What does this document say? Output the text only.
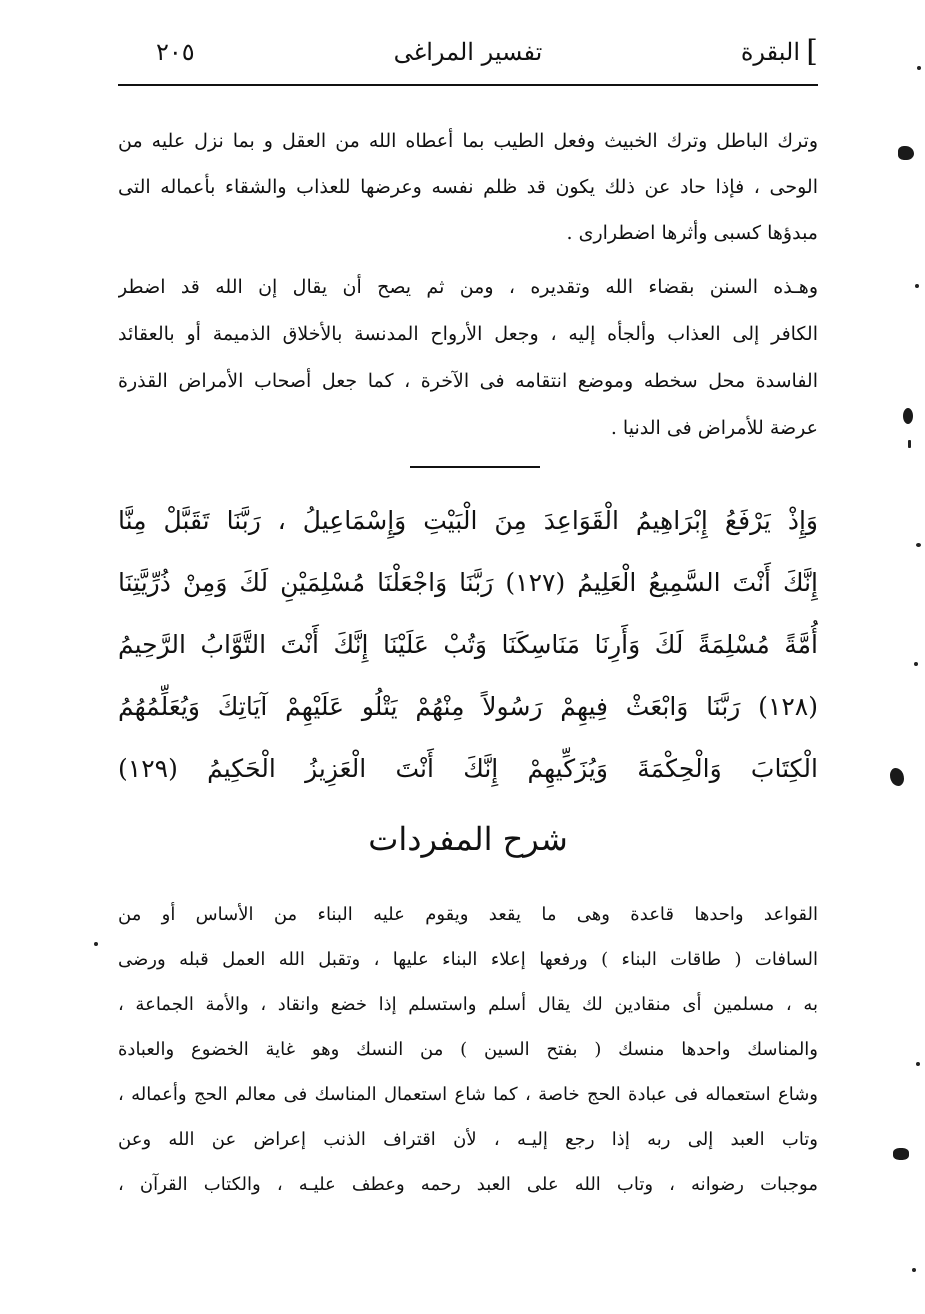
]
البقرة
تفسير المراغى
٢٠٥
وترك الباطل وترك الخبيث وفعل الطيب بما أعطاه الله من العقل و بما نزل عليه من
الوحى ، فإذا حاد عن ذلك يكون قد ظلم نفسه وعرضها للعذاب والشقاء بأعماله التى
مبدؤها كسبى وأثرها اضطرارى .
وهـذه السنن بقضاء الله وتقديره ، ومن ثم يصح أن يقال إن الله قد اضطر
الكافر إلى العذاب وألجأه إليه ، وجعل الأرواح المدنسة بالأخلاق الذميمة أو بالعقائد
الفاسدة محل سخطه وموضع انتقامه فى الآخرة ، كما جعل أصحاب الأمراض القذرة
عرضة للأمراض فى الدنيا .
وَإِذْ يَرْفَعُ إِبْرَاهِيمُ الْقَوَاعِدَ مِنَ الْبَيْتِ وَإِسْمَاعِيلُ ، رَبَّنَا تَقَبَّلْ مِنَّا
إِنَّكَ أَنْتَ السَّمِيعُ الْعَلِيمُ (١٢٧) رَبَّنَا وَاجْعَلْنَا مُسْلِمَيْنِ لَكَ وَمِنْ ذُرِّيَّتِنَا
أُمَّةً مُسْلِمَةً لَكَ وَأَرِنَا مَنَاسِكَنَا وَتُبْ عَلَيْنَا إِنَّكَ أَنْتَ التَّوَّابُ الرَّحِيمُ
(١٢٨) رَبَّنَا وَابْعَثْ فِيهِمْ رَسُولاً مِنْهُمْ يَتْلُو عَلَيْهِمْ آيَاتِكَ وَيُعَلِّمُهُمُ
الْكِتَابَ وَالْحِكْمَةَ وَيُزَكِّيهِمْ إِنَّكَ أَنْتَ الْعَزِيزُ الْحَكِيمُ (١٢٩)
شرح المفردات
القواعد واحدها قاعدة وهى ما يقعد ويقوم عليه البناء من الأساس أو من
السافات ( طاقات البناء ) ورفعها إعلاء البناء عليها ، وتقبل الله العمل قبله ورضى
به ، مسلمين أى منقادين لك يقال أسلم واستسلم إذا خضع وانقاد ، والأمة الجماعة ،
والمناسك واحدها منسك ( بفتح السين ) من النسك وهو غاية الخضوع والعبادة
وشاع استعماله فى عبادة الحج خاصة ، كما شاع استعمال المناسك فى معالم الحج وأعماله ،
وتاب العبد إلى ربه إذا رجع إليـه ، لأن اقتراف الذنب إعراض عن الله وعن
موجبات رضوانه ، وتاب الله على العبد رحمه وعطف عليـه ، والكتاب القرآن ،
